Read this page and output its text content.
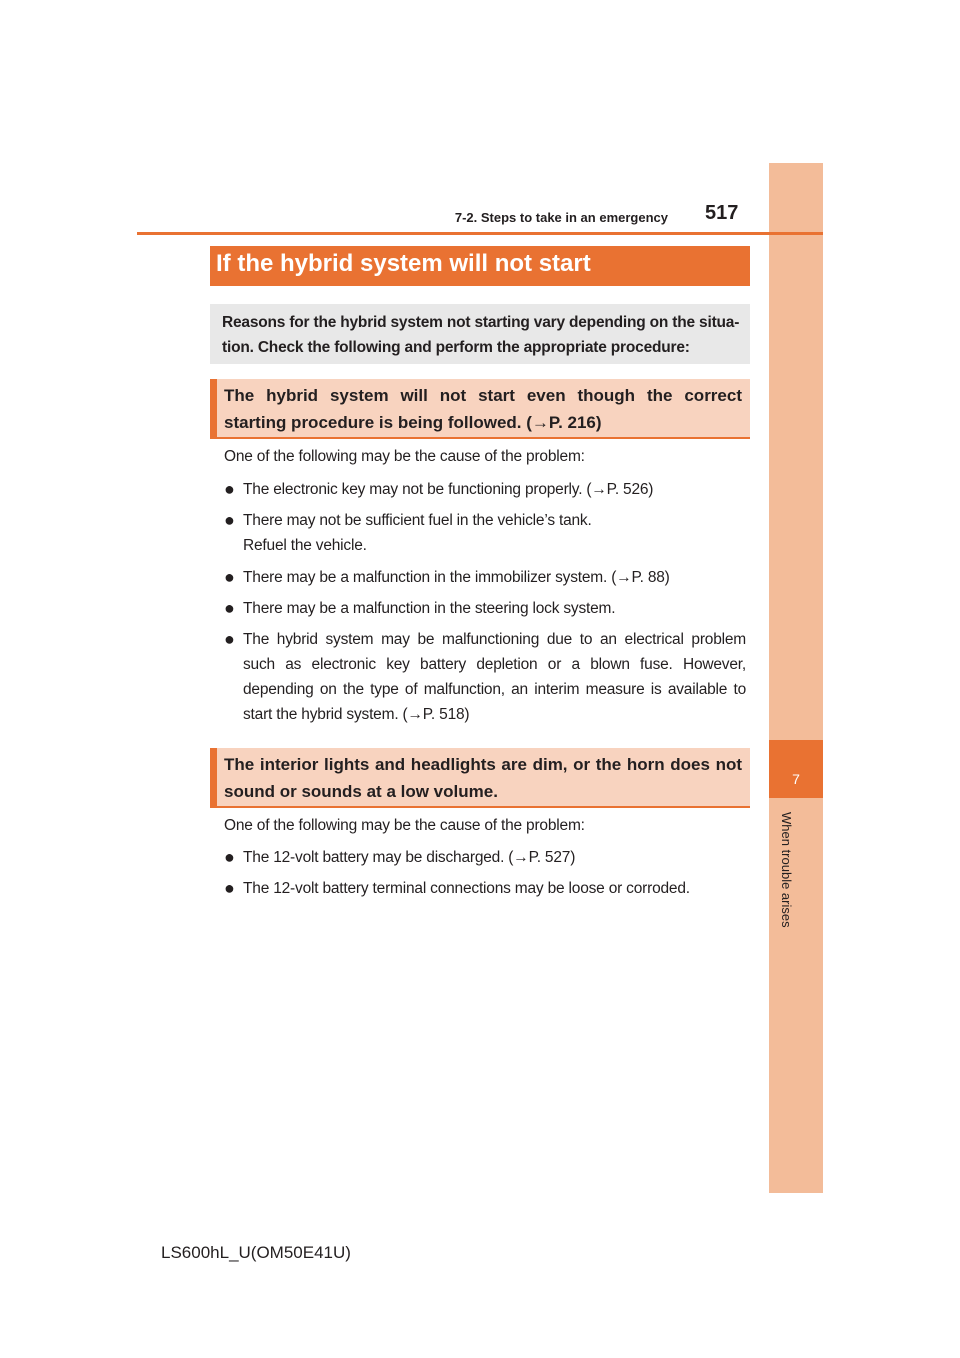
7
When trouble arises
7-2. Steps to take in an emergency 517
If the hybrid system will not start

Reasons for the hybrid system not starting vary depending on the situa- tion. Check the following and perform the appropriate procedure:

The hybrid system will not start even though the correct starting procedure is being followed. (→P. 216)

One of the following may be the cause of the problem:
● The electronic key may not be functioning properly. (→P. 526)
● There may not be sufficient fuel in the vehicle’s tank.
Refuel the vehicle.
● There may be a malfunction in the immobilizer system. (→P. 88)
● There may be a malfunction in the steering lock system.
● The hybrid system may be malfunctioning due to an electrical problem such as electronic key battery depletion or a blown fuse. However, depending on the type of malfunction, an interim measure is available to start the hybrid system. (→P. 518)

The interior lights and headlights are dim, or the horn does not sound or sounds at a low volume.

One of the following may be the cause of the problem:
● The 12-volt battery may be discharged. (→P. 527)
● The 12-volt battery terminal connections may be loose or corroded.
LS600hL_U(OM50E41U)
